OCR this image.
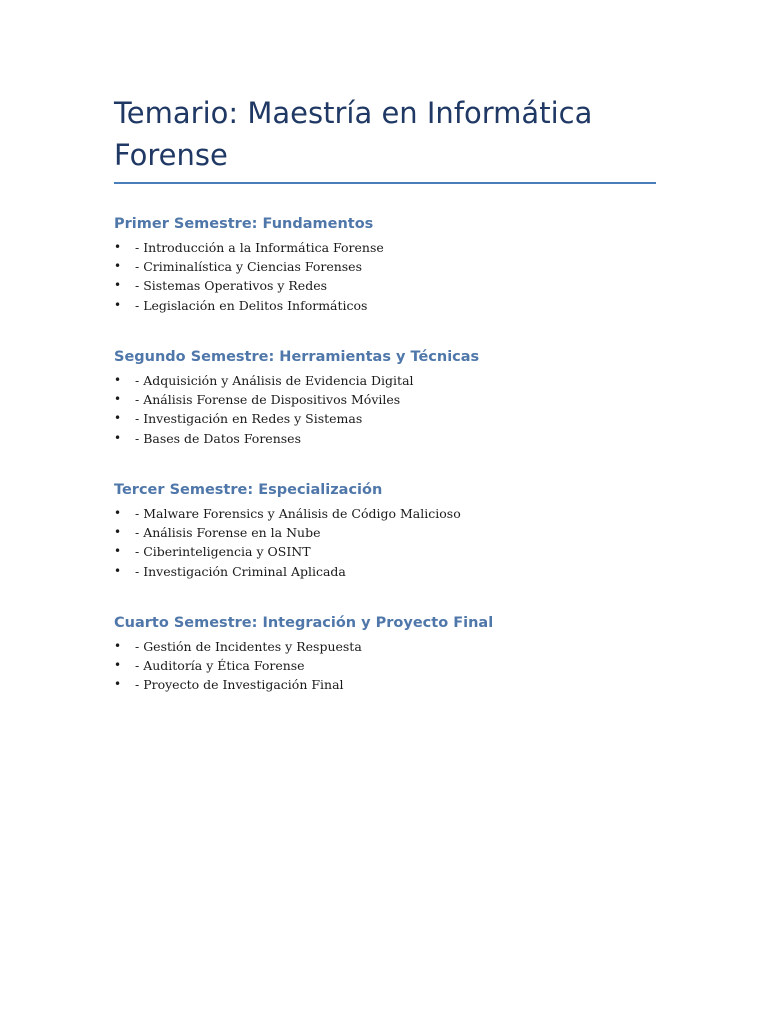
Temario: Maestría en Informática Forense
Primer Semestre: Fundamentos
• - Introducción a la Informática Forense
• - Criminalística y Ciencias Forenses
• - Sistemas Operativos y Redes
• - Legislación en Delitos Informáticos
Segundo Semestre: Herramientas y Técnicas
• - Adquisición y Análisis de Evidencia Digital
• - Análisis Forense de Dispositivos Móviles
• - Investigación en Redes y Sistemas
• - Bases de Datos Forenses
Tercer Semestre: Especialización
• - Malware Forensics y Análisis de Código Malicioso
• - Análisis Forense en la Nube
• - Ciberinteligencia y OSINT
• - Investigación Criminal Aplicada
Cuarto Semestre: Integración y Proyecto Final
• - Gestión de Incidentes y Respuesta
• - Auditoría y Ética Forense
• - Proyecto de Investigación Final
